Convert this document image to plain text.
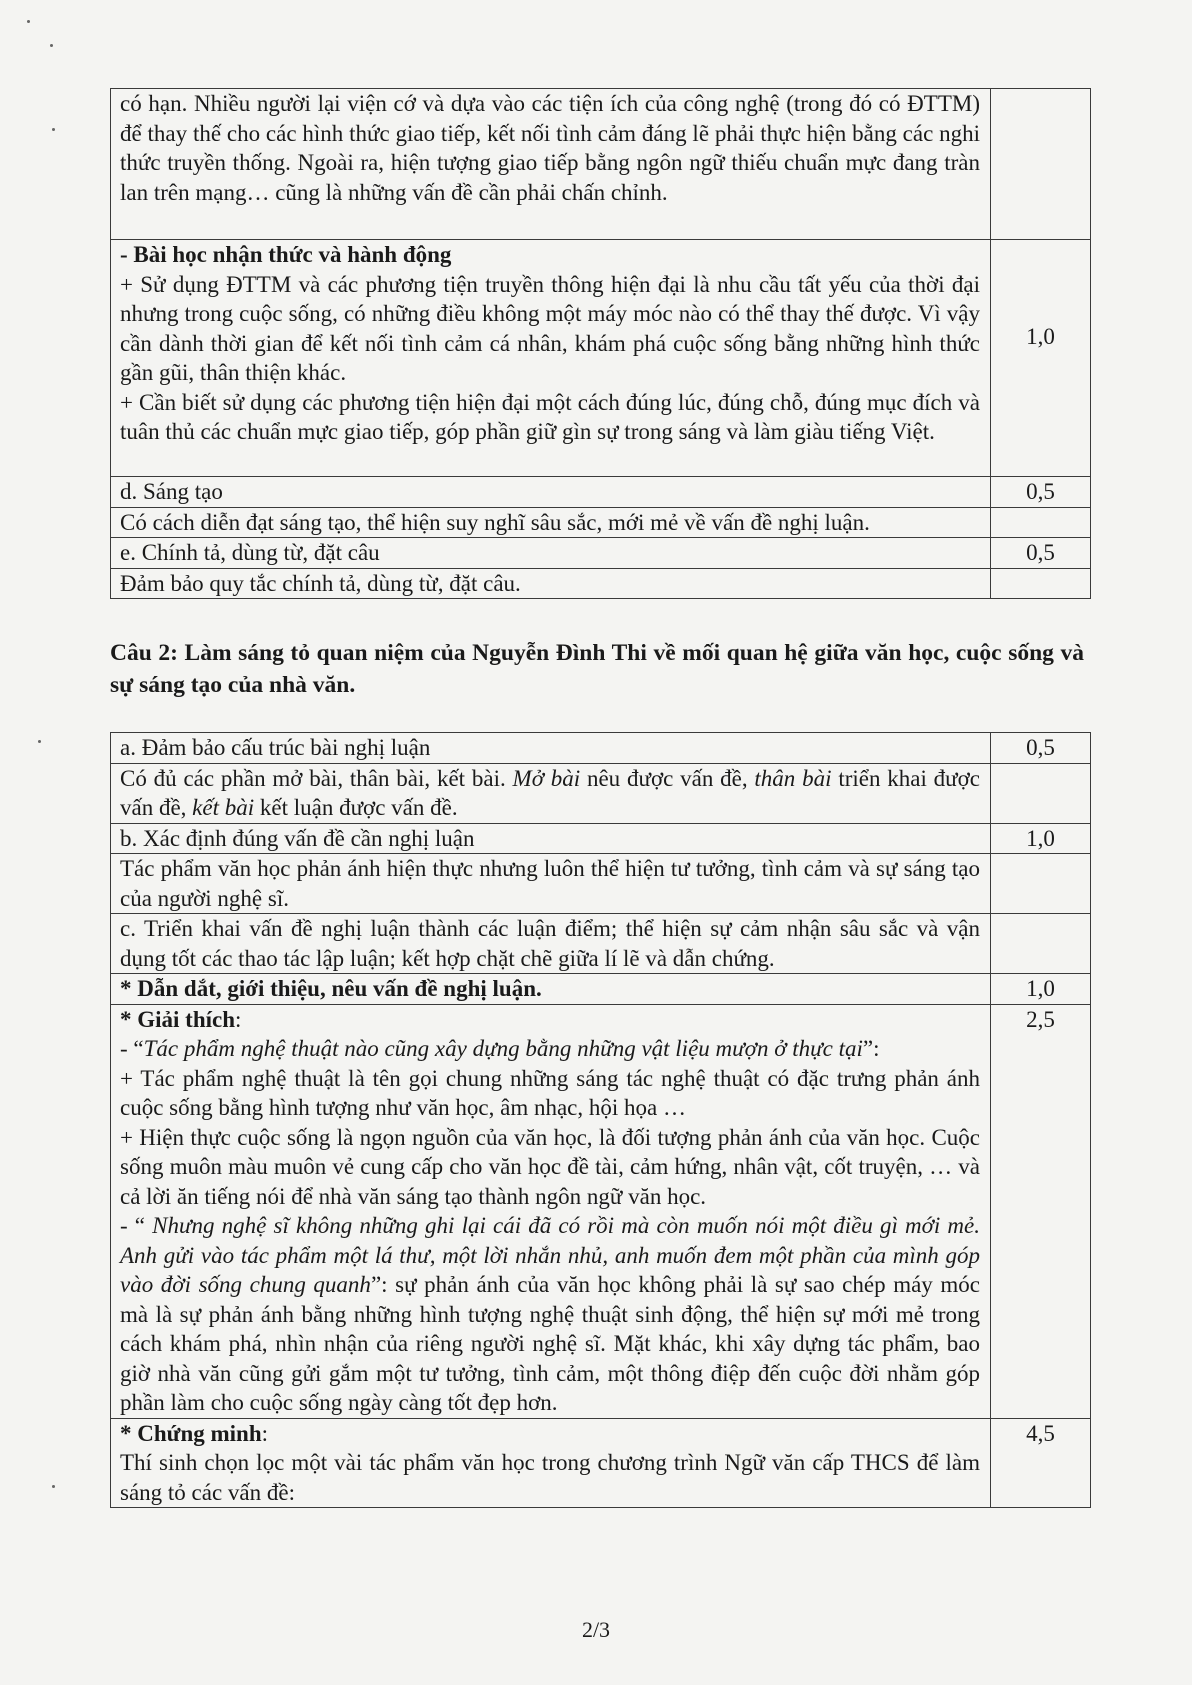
có hạn. Nhiều người lại viện cớ và dựa vào các tiện ích của công nghệ (trong đó có ĐTTM) để thay thế cho các hình thức giao tiếp, kết nối tình cảm đáng lẽ phải thực hiện bằng các nghi thức truyền thống. Ngoài ra, hiện tượng giao tiếp bằng ngôn ngữ thiếu chuẩn mực đang tràn lan trên mạng… cũng là những vấn đề cần phải chấn chỉnh.	

- Bài học nhận thức và hành động
+ Sử dụng ĐTTM và các phương tiện truyền thông hiện đại là nhu cầu tất yếu của thời đại nhưng trong cuộc sống, có những điều không một máy móc nào có thể thay thế được. Vì vậy cần dành thời gian để kết nối tình cảm cá nhân, khám phá cuộc sống bằng những hình thức gần gũi, thân thiện khác.
+ Cần biết sử dụng các phương tiện hiện đại một cách đúng lúc, đúng chỗ, đúng mục đích và tuân thủ các chuẩn mực giao tiếp, góp phần giữ gìn sự trong sáng và làm giàu tiếng Việt.	1,0
d. Sáng tạo	0,5
Có cách diễn đạt sáng tạo, thể hiện suy nghĩ sâu sắc, mới mẻ về vấn đề nghị luận.	
e. Chính tả, dùng từ, đặt câu	0,5
Đảm bảo quy tắc chính tả, dùng từ, đặt câu.	
Câu 2: Làm sáng tỏ quan niệm của Nguyễn Đình Thi về mối quan hệ giữa văn học, cuộc sống và sự sáng tạo của nhà văn.
a. Đảm bảo cấu trúc bài nghị luận	0,5
Có đủ các phần mở bài, thân bài, kết bài. Mở bài nêu được vấn đề, thân bài triển khai được vấn đề, kết bài kết luận được vấn đề.	
b. Xác định đúng vấn đề cần nghị luận	1,0
Tác phẩm văn học phản ánh hiện thực nhưng luôn thể hiện tư tưởng, tình cảm và sự sáng tạo của người nghệ sĩ.	
c. Triển khai vấn đề nghị luận thành các luận điểm; thể hiện sự cảm nhận sâu sắc và vận dụng tốt các thao tác lập luận; kết hợp chặt chẽ giữa lí lẽ và dẫn chứng.	
* Dẫn dắt, giới thiệu, nêu vấn đề nghị luận.	1,0

* Giải thích:
- “Tác phẩm nghệ thuật nào cũng xây dựng bằng những vật liệu mượn ở thực tại”:
+ Tác phẩm nghệ thuật là tên gọi chung những sáng tác nghệ thuật có đặc trưng phản ánh cuộc sống bằng hình tượng như văn học, âm nhạc, hội họa …
+ Hiện thực cuộc sống là ngọn nguồn của văn học, là đối tượng phản ánh của văn học. Cuộc sống muôn màu muôn vẻ cung cấp cho văn học đề tài, cảm hứng, nhân vật, cốt truyện, … và cả lời ăn tiếng nói để nhà văn sáng tạo thành ngôn ngữ văn học.
- “ Nhưng nghệ sĩ không những ghi lại cái đã có rồi mà còn muốn nói một điều gì mới mẻ. Anh gửi vào tác phẩm một lá thư, một lời nhắn nhủ, anh muốn đem một phần của mình góp vào đời sống chung quanh”: sự phản ánh của văn học không phải là sự sao chép máy móc mà là sự phản ánh bằng những hình tượng nghệ thuật sinh động, thể hiện sự mới mẻ trong cách khám phá, nhìn nhận của riêng người nghệ sĩ. Mặt khác, khi xây dựng tác phẩm, bao giờ nhà văn cũng gửi gắm một tư tưởng, tình cảm, một thông điệp đến cuộc đời nhằm góp phần làm cho cuộc sống ngày càng tốt đẹp hơn.	2,5

* Chứng minh:
Thí sinh chọn lọc một vài tác phẩm văn học trong chương trình Ngữ văn cấp THCS để làm sáng tỏ các vấn đề:	4,5
2/3
